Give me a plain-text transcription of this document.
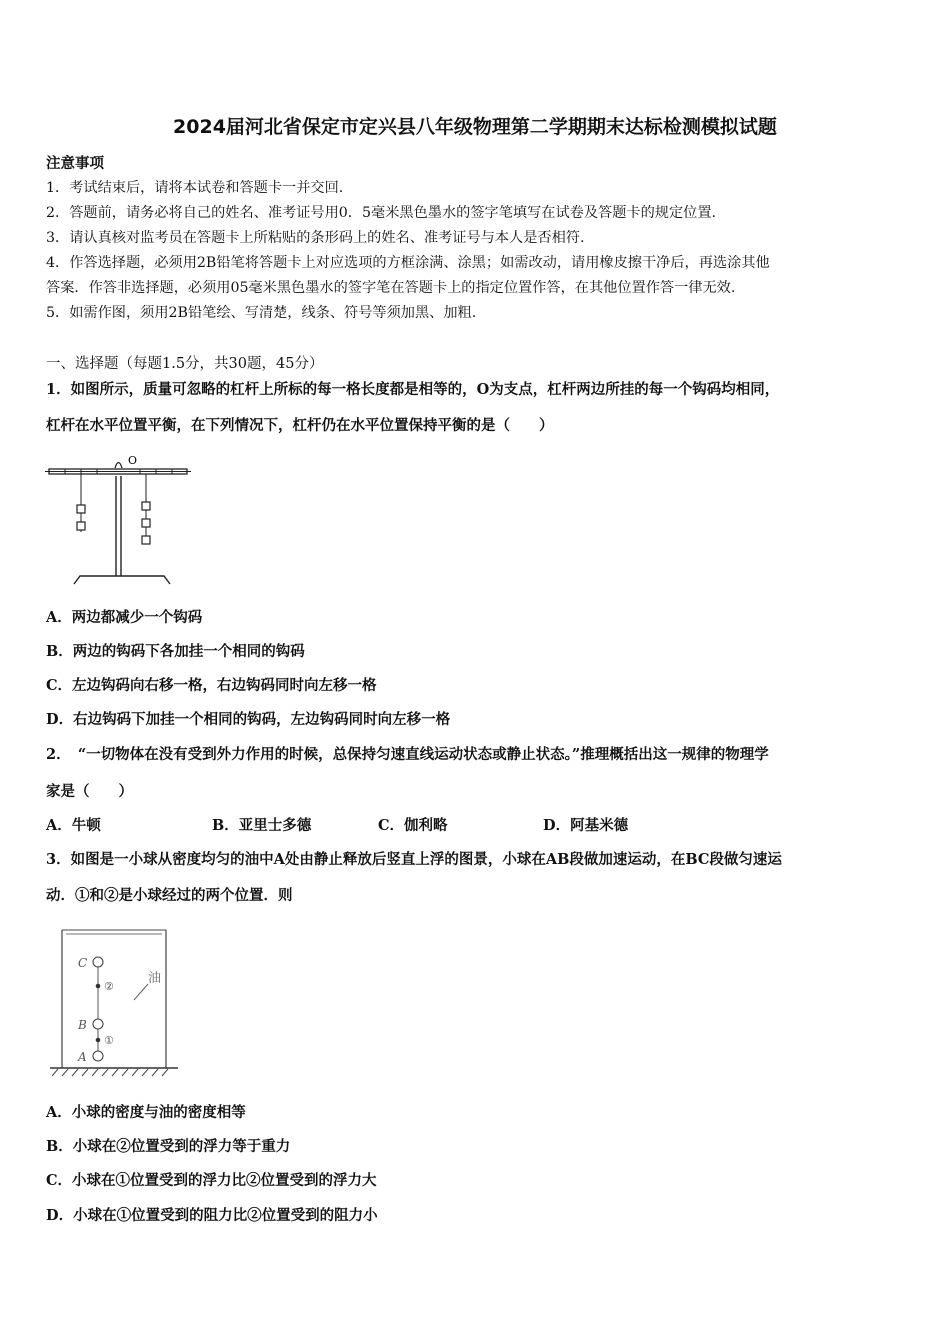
2024届河北省保定市定兴县八年级物理第二学期期末达标检测模拟试题
注意事项
1．考试结束后，请将本试卷和答题卡一并交回.
2．答题前，请务必将自己的姓名、准考证号用0．5毫米黑色墨水的签字笔填写在试卷及答题卡的规定位置.
3．请认真核对监考员在答题卡上所粘贴的条形码上的姓名、准考证号与本人是否相符.
4．作答选择题，必须用2B铅笔将答题卡上对应选项的方框涂满、涂黑；如需改动，请用橡皮擦干净后，再选涂其他
答案．作答非选择题，必须用05毫米黑色墨水的签字笔在答题卡上的指定位置作答，在其他位置作答一律无效.
5．如需作图，须用2B铅笔绘、写清楚，线条、符号等须加黑、加粗.
一、选择题（每题1.5分，共30题，45分）
1．如图所示，质量可忽略的杠杆上所标的每一格长度都是相等的，O为支点，杠杆两边所挂的每一个钩码均相同，
杠杆在水平位置平衡，在下列情况下，杠杆仍在水平位置保持平衡的是（　　）
O
A．两边都减少一个钩码
B．两边的钩码下各加挂一个相同的钩码
C．左边钩码向右移一格，右边钩码同时向左移一格
D．右边钩码下加挂一个相同的钩码，左边钩码同时向左移一格
2．　“一切物体在没有受到外力作用的时候，总保持匀速直线运动状态或静止状态。”推理概括出这一规律的物理学
家是（　　）
A．牛顿	B．亚里士多德	C．伽利略	D．阿基米德
3．如图是一小球从密度均匀的油中A处由静止释放后竖直上浮的图景，小球在AB段做加速运动，在BC段做匀速运
动．①和②是小球经过的两个位置．则
C
B
A
②
①
油
A．小球的密度与油的密度相等
B．小球在②位置受到的浮力等于重力
C．小球在①位置受到的浮力比②位置受到的浮力大
D．小球在①位置受到的阻力比②位置受到的阻力小
